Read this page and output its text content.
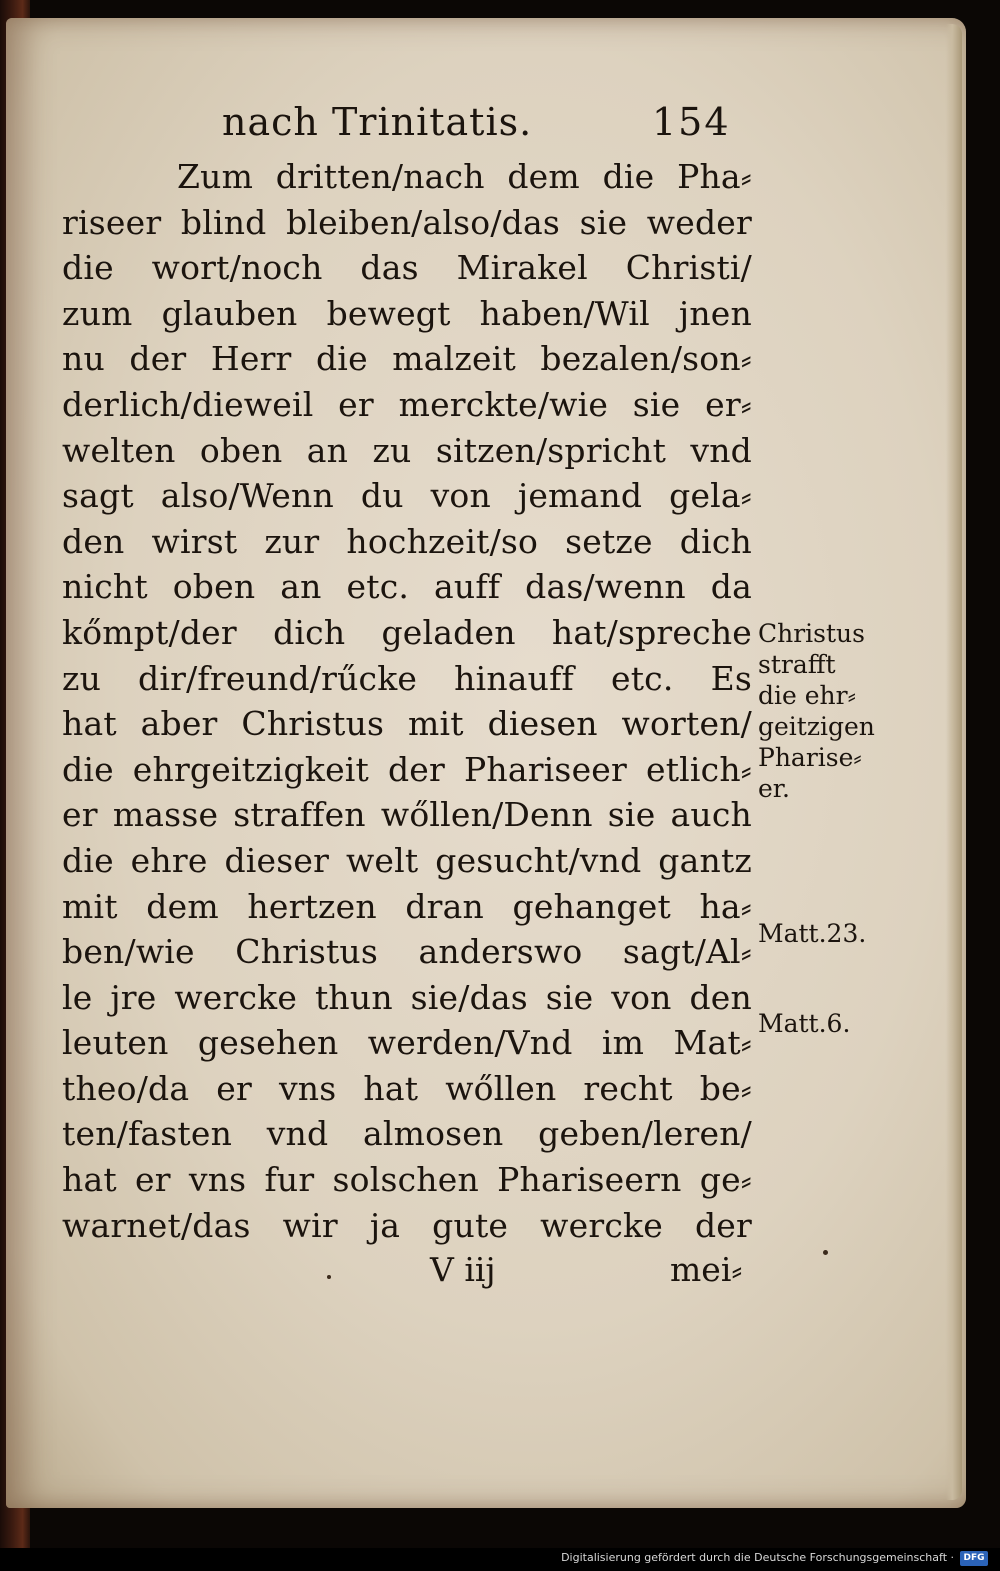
nach Trinitatis.	154
Zum dritten/nach dem die Pha⸗
riseer blind bleiben/also/das sie weder
die wort/noch das Mirakel Christi/
zum glauben bewegt haben/Wil jnen
nu der Herr die malzeit bezalen/son⸗
derlich/dieweil er merckte/wie sie er⸗
welten oben an zu sitzen/spricht vnd
sagt also/Wenn du von jemand gela⸗
den wirst zur hochzeit/so setze dich
nicht oben an etc. auff das/wenn da
kőmpt/der dich geladen hat/spreche
zu dir/freund/rűcke hinauff etc. Es
hat aber Christus mit diesen worten/
die ehrgeitzigkeit der Phariseer etlich⸗
er masse straffen wőllen/Denn sie auch
die ehre dieser welt gesucht/vnd gantz
mit dem hertzen dran gehanget ha⸗
ben/wie Christus anderswo sagt/Al⸗
le jre wercke thun sie/das sie von den
leuten gesehen werden/Vnd im Mat⸗
theo/da er vns hat wőllen recht be⸗
ten/fasten vnd almosen geben/leren/
hat er vns fur solschen Phariseern ge⸗
warnet/das wir ja gute wercke der
V iij	mei⸗
Christus
strafft
die ehr⸗
geitzigen
Pharise⸗
er.
Matt.23.
Matt.6.
Digitalisierung gefördert durch die Deutsche Forschungsgemeinschaft ·	DFG
